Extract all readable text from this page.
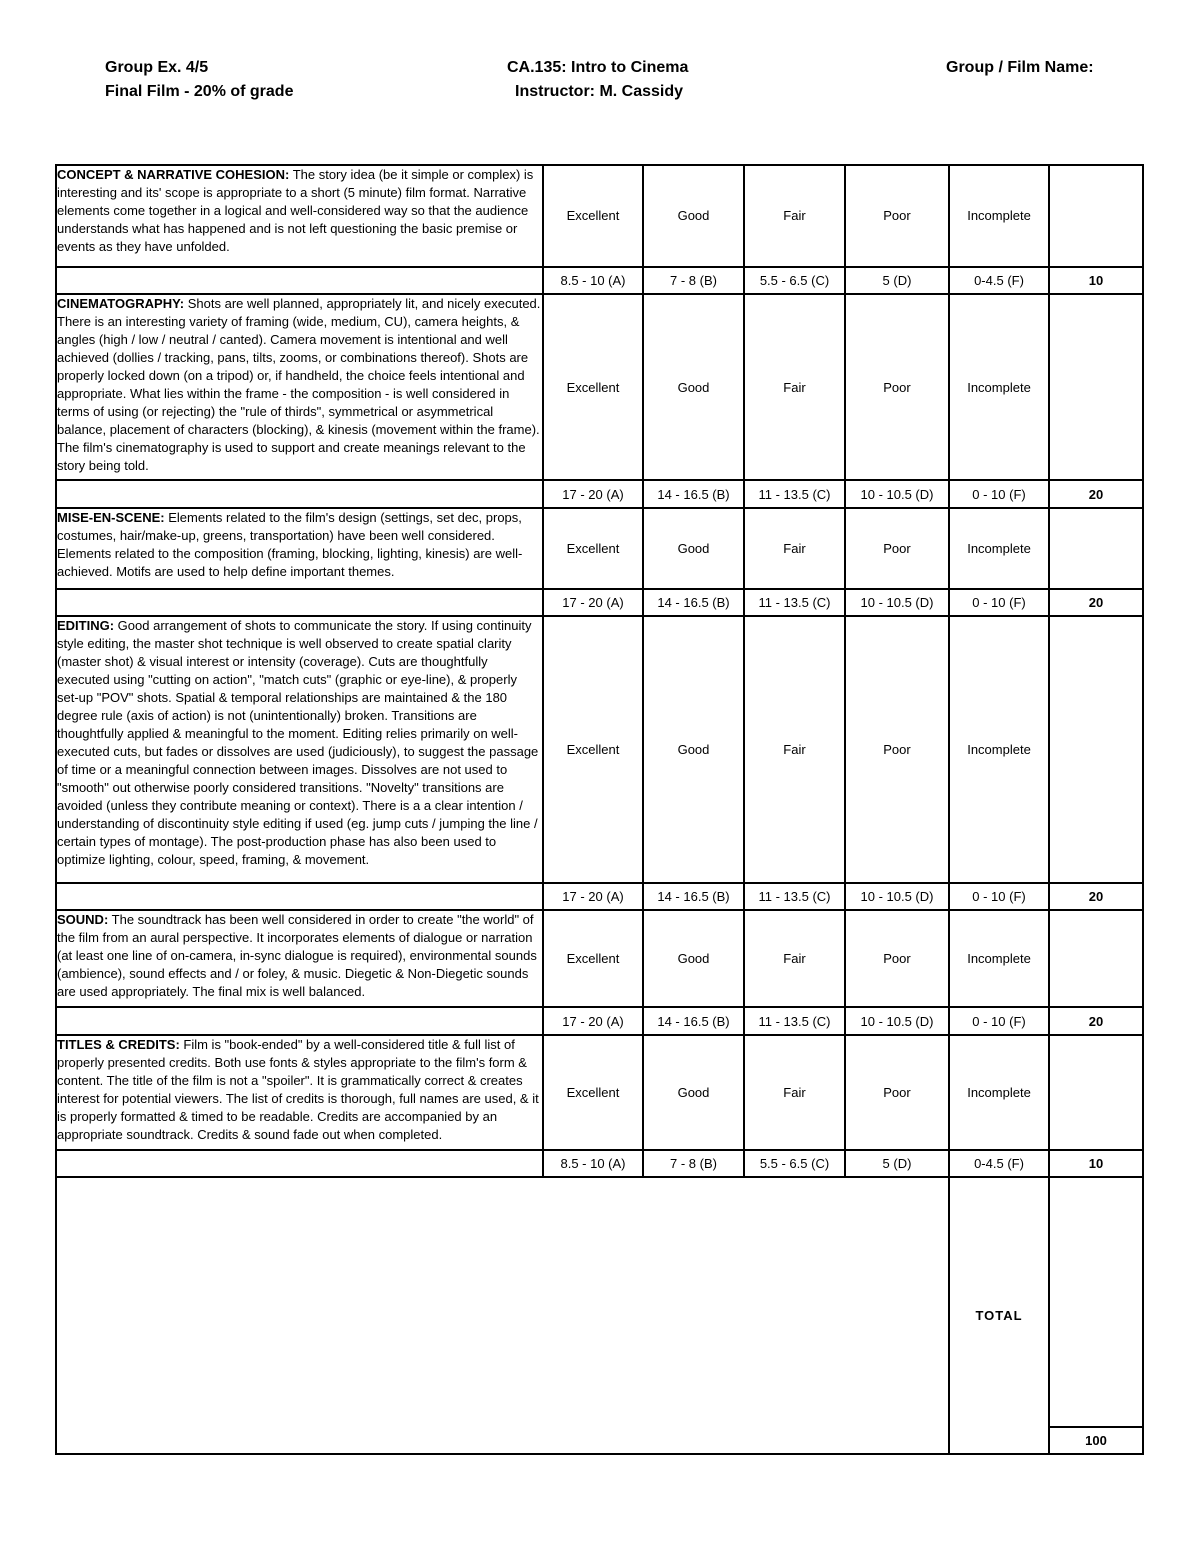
Group Ex. 4/5
Final Film - 20% of grade
CA.135: Intro to Cinema
Instructor: M. Cassidy
Group / Film Name:
CONCEPT & NARRATIVE COHESION: The story idea (be it simple or complex) is interesting and its' scope is appropriate to a short (5 minute) film format. Narrative elements come together in a logical and well-considered way so that the audience understands what has happened and is not left questioning the basic premise or events as they have unfolded.	Excellent	Good	Fair	Poor	Incomplete	
	8.5 - 10 (A)	7 - 8 (B)	5.5 - 6.5 (C)	5 (D)	0-4.5 (F)	10
CINEMATOGRAPHY: Shots are well planned, appropriately lit, and nicely executed. There is an interesting variety of framing (wide, medium, CU), camera heights, & angles (high / low / neutral / canted). Camera movement is intentional and well achieved (dollies / tracking, pans, tilts, zooms, or combinations thereof). Shots are properly locked down (on a tripod) or, if handheld, the choice feels intentional and appropriate. What lies within the frame - the composition - is well considered in terms of using (or rejecting) the "rule of thirds", symmetrical or asymmetrical balance, placement of characters (blocking), & kinesis (movement within the frame). The film's cinematography is used to support and create meanings relevant to the story being told.	Excellent	Good	Fair	Poor	Incomplete	
	17 - 20 (A)	14 - 16.5 (B)	11 - 13.5 (C)	10 - 10.5 (D)	0 - 10 (F)	20
MISE-EN-SCENE: Elements related to the film's design (settings, set dec, props, costumes, hair/make-up, greens, transportation) have been well considered. Elements related to the composition (framing, blocking, lighting, kinesis) are well-achieved. Motifs are used to help define important themes.	Excellent	Good	Fair	Poor	Incomplete	
	17 - 20 (A)	14 - 16.5 (B)	11 - 13.5 (C)	10 - 10.5 (D)	0 - 10 (F)	20
EDITING: Good arrangement of shots to communicate the story. If using continuity style editing, the master shot technique is well observed to create spatial clarity (master shot) & visual interest or intensity (coverage). Cuts are thoughtfully executed using "cutting on action", "match cuts" (graphic or eye-line), & properly set-up "POV" shots. Spatial & temporal relationships are maintained & the 180 degree rule (axis of action) is not (unintentionally) broken. Transitions are thoughtfully applied & meaningful to the moment. Editing relies primarily on well-executed cuts, but fades or dissolves are used (judiciously), to suggest the passage of time or a meaningful connection between images. Dissolves are not used to "smooth" out otherwise poorly considered transitions. "Novelty" transitions are avoided (unless they contribute meaning or context). There is a a clear intention / understanding of discontinuity style editing if used (eg. jump cuts / jumping the line / certain types of montage). The post-production phase has also been used to optimize lighting, colour, speed, framing, & movement.	Excellent	Good	Fair	Poor	Incomplete	
	17 - 20 (A)	14 - 16.5 (B)	11 - 13.5 (C)	10 - 10.5 (D)	0 - 10 (F)	20
SOUND: The soundtrack has been well considered in order to create "the world" of the film from an aural perspective. It incorporates elements of dialogue or narration (at least one line of on-camera, in-sync dialogue is required), environmental sounds (ambience), sound effects and / or foley, & music. Diegetic & Non-Diegetic sounds are used appropriately. The final mix is well balanced.	Excellent	Good	Fair	Poor	Incomplete	
	17 - 20 (A)	14 - 16.5 (B)	11 - 13.5 (C)	10 - 10.5 (D)	0 - 10 (F)	20
TITLES & CREDITS: Film is "book-ended" by a well-considered title & full list of properly presented credits. Both use fonts & styles appropriate to the film's form & content. The title of the film is not a "spoiler". It is grammatically correct & creates interest for potential viewers. The list of credits is thorough, full names are used, & it is properly formatted & timed to be readable. Credits are accompanied by an appropriate soundtrack. Credits & sound fade out when completed.	Excellent	Good	Fair	Poor	Incomplete	
	8.5 - 10 (A)	7 - 8 (B)	5.5 - 6.5 (C)	5 (D)	0-4.5 (F)	10
					TOTAL	
						100
